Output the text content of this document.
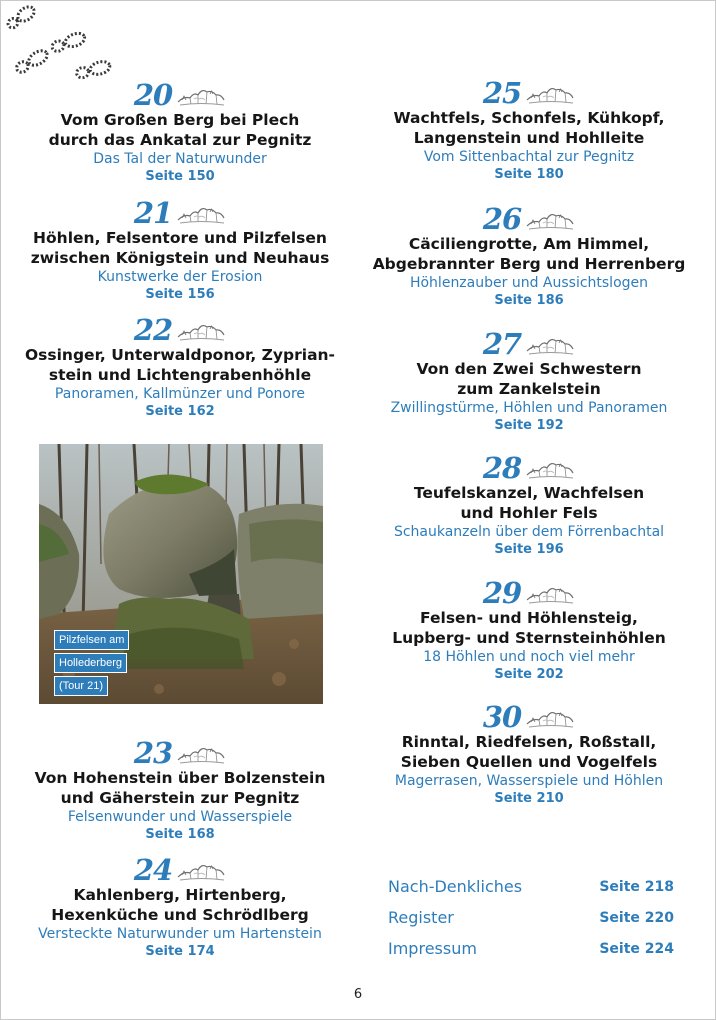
20
Vom Großen Berg bei Plech
durch das Ankatal zur Pegnitz
Das Tal der Naturwunder
Seite 150
21
Höhlen, Felsentore und Pilzfelsen
zwischen Königstein und Neuhaus
Kunstwerke der Erosion
Seite 156
22
Ossinger, Unterwaldponor, Zyprian-
stein und Lichtengrabenhöhle
Panoramen, Kallmünzer und Ponore
Seite 162
Pilzfelsen am
Hollederberg
(Tour 21)
23
Von Hohenstein über Bolzenstein
und Gäherstein zur Pegnitz
Felsenwunder und Wasserspiele
Seite 168
24
Kahlenberg, Hirtenberg,
Hexenküche und Schrödlberg
Versteckte Naturwunder um Hartenstein
Seite 174
25
Wachtfels, Schonfels, Kühkopf,
Langenstein und Hohlleite
Vom Sittenbachtal zur Pegnitz
Seite 180
26
Cäciliengrotte, Am Himmel,
Abgebrannter Berg und Herrenberg
Höhlenzauber und Aussichtslogen
Seite 186
27
Von den Zwei Schwestern
zum Zankelstein
Zwillingstürme, Höhlen und Panoramen
Seite 192
28
Teufelskanzel, Wachfelsen
und Hohler Fels
Schaukanzeln über dem Förrenbachtal
Seite 196
29
Felsen- und Höhlensteig,
Lupberg- und Sternsteinhöhlen
18 Höhlen und noch viel mehr
Seite 202
30
Rinntal, Riedfelsen, Roßstall,
Sieben Quellen und Vogelfels
Magerrasen, Wasserspiele und Höhlen
Seite 210
Nach-Denkliches	Seite 218
Register	Seite 220
Impressum	Seite 224
6
